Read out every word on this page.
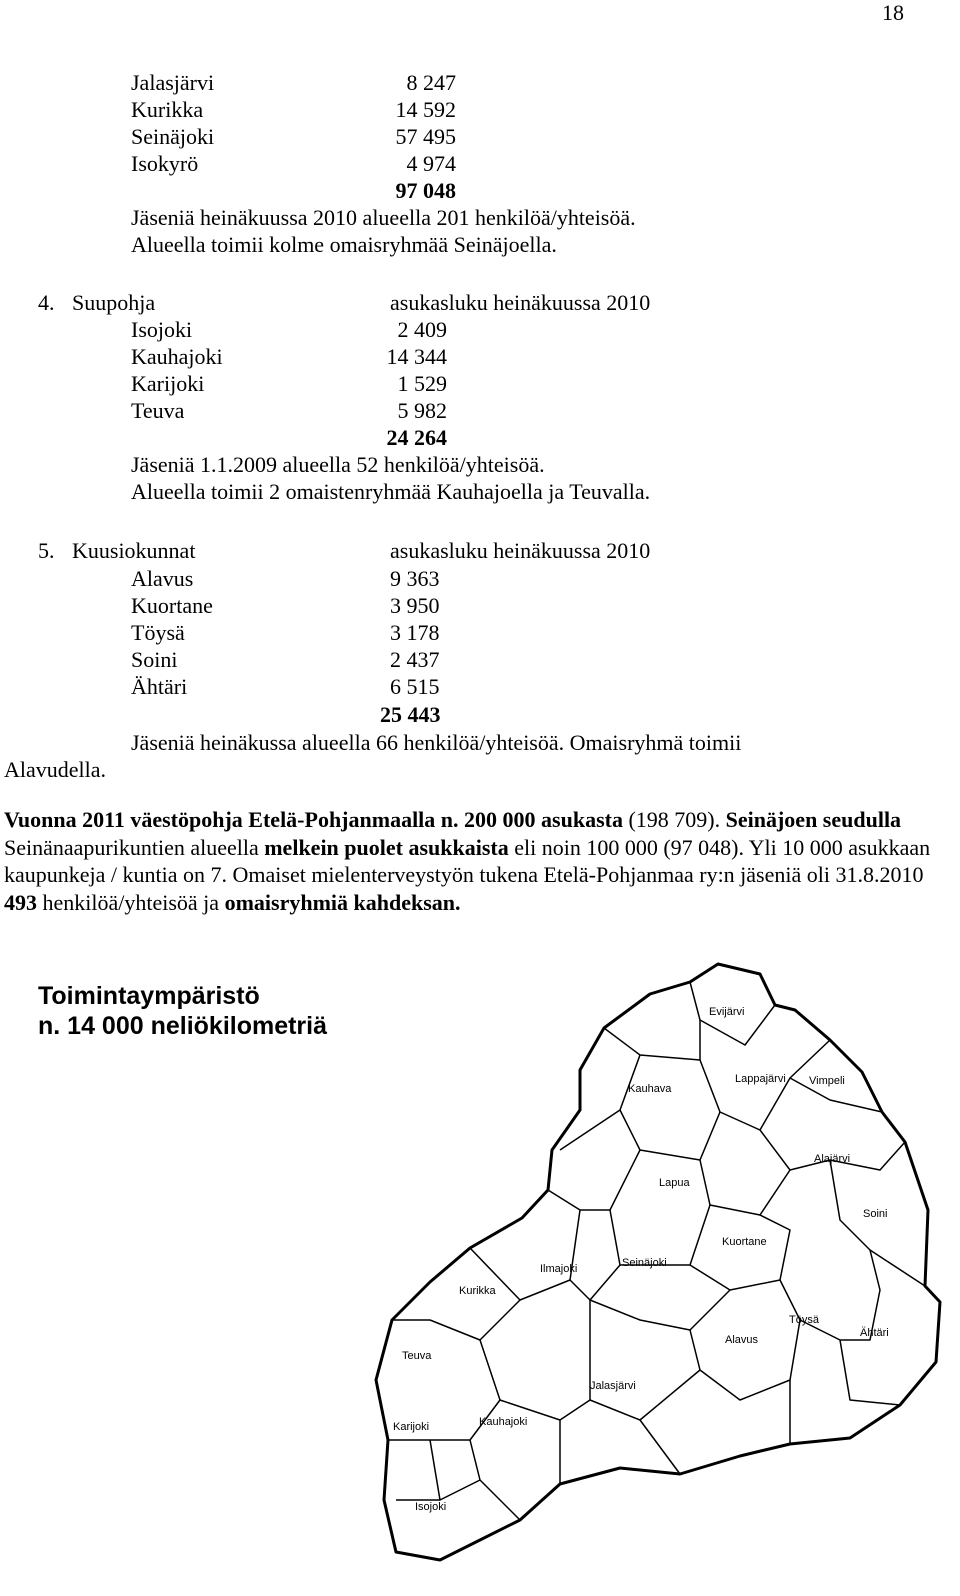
18
Jalasjärvi	8 247
Kurikka	14 592
Seinäjoki	57 495
Isokyrö	4 974
97 048
Jäseniä heinäkuussa 2010 alueella 201 henkilöä/yhteisöä.
Alueella toimii kolme omaisryhmää Seinäjoella.
4. Suupohja	asukasluku heinäkuussa 2010
Isojoki	2 409
Kauhajoki	14 344
Karijoki	1 529
Teuva	5 982
24 264
Jäseniä 1.1.2009 alueella 52 henkilöä/yhteisöä.
Alueella toimii 2 omaistenryhmää Kauhajoella ja Teuvalla.
5. Kuusiokunnat	asukasluku heinäkuussa 2010
Alavus	9 363
Kuortane	3 950
Töysä	3 178
Soini	2 437
Ähtäri	6 515
25 443
Jäseniä heinäkussa alueella 66 henkilöä/yhteisöä. Omaisryhmä toimii
Alavudella.
Vuonna 2011 väestöpohja Etelä-Pohjanmaalla n. 200 000 asukasta (198 709). Seinäjoen seudulla Seinänaapurikuntien alueella melkein puolet asukkaista eli noin 100 000 (97 048). Yli 10 000 asukkaan kaupunkeja / kuntia on 7. Omaiset mielenterveystyön tukena Etelä-Pohjanmaa ry:n jäseniä oli 31.8.2010 493 henkilöä/yhteisöä ja omaisryhmiä kahdeksan.
Toimintaympäristö
n. 14 000 neliökilometriä	Evijärvi
Kauhava
Lappajärvi Vimpeli
Alajärvi
Lapua
Soini
Kuortane
Ilmajoki	Seinäjoki
Kurikka
Töysä
Alavus
Ähtäri
Teuva
Jalasjärvi
Karijoki	Kauhajoki
Isojoki
